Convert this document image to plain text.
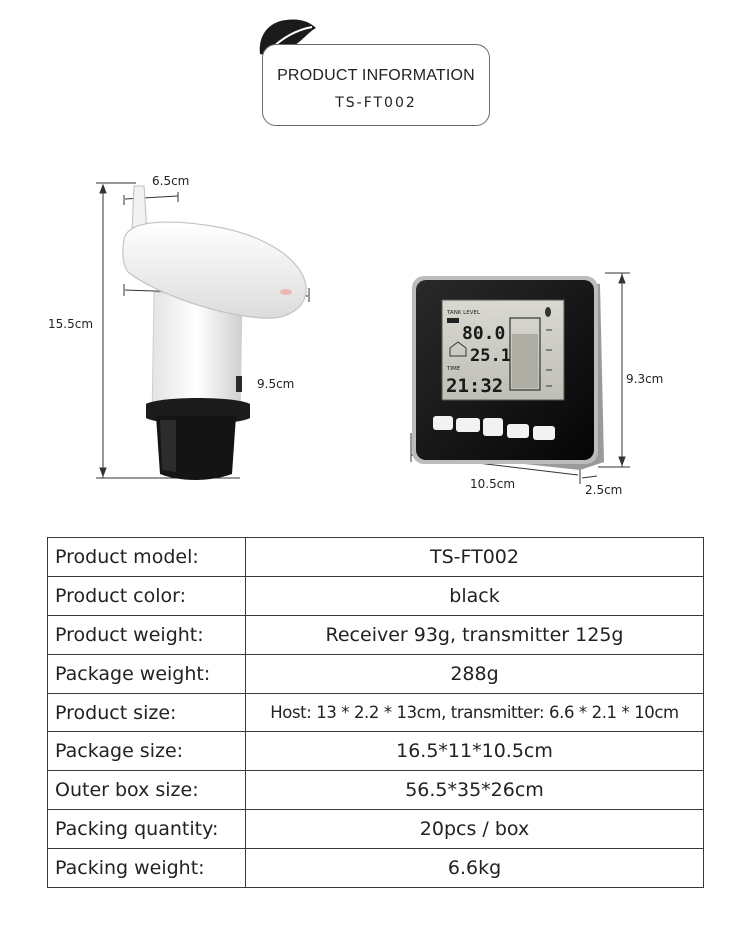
PRODUCT INFORMATION
TS-FT002
TANK LEVEL
80.0
25.1
TIME
21:32
6.5cm
15.5cm
9.5cm	9.3cm
10.5cm	2.5cm
Product model:	TS-FT002
Product color:	black
Product weight:	Receiver 93g, transmitter 125g
Package weight:	288g
Product size:	Host: 13 * 2.2 * 13cm, transmitter: 6.6 * 2.1 * 10cm
Package size:	16.5*11*10.5cm
Outer box size:	56.5*35*26cm
Packing quantity:	20pcs / box
Packing weight:	6.6kg
